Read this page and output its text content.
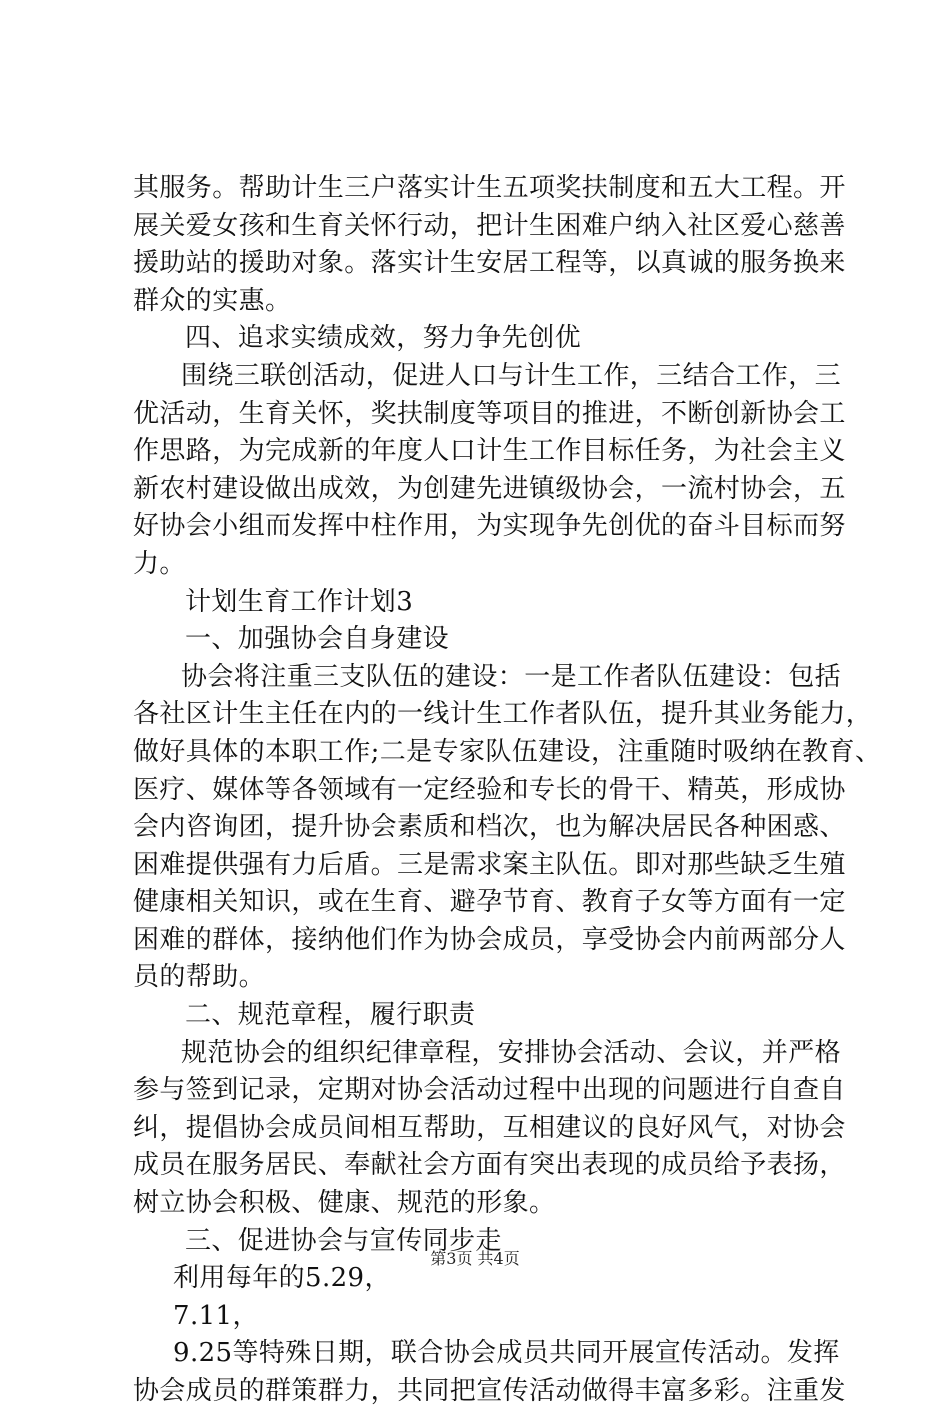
其服务。帮助计生三户落实计生五项奖扶制度和五大工程。开
展关爱女孩和生育关怀行动，把计生困难户纳入社区爱心慈善
援助站的援助对象。落实计生安居工程等，以真诚的服务换来
群众的实惠。
四、追求实绩成效，努力争先创优
围绕三联创活动，促进人口与计生工作，三结合工作，三
优活动，生育关怀，奖扶制度等项目的推进，不断创新协会工
作思路，为完成新的年度人口计生工作目标任务，为社会主义
新农村建设做出成效，为创建先进镇级协会，一流村协会，五
好协会小组而发挥中柱作用，为实现争先创优的奋斗目标而努
力。
计划生育工作计划3
一、加强协会自身建设
协会将注重三支队伍的建设：一是工作者队伍建设：包括
各社区计生主任在内的一线计生工作者队伍，提升其业务能力，
做好具体的本职工作;二是专家队伍建设，注重随时吸纳在教育、
医疗、媒体等各领域有一定经验和专长的骨干、精英，形成协
会内咨询团，提升协会素质和档次，也为解决居民各种困惑、
困难提供强有力后盾。三是需求案主队伍。即对那些缺乏生殖
健康相关知识，或在生育、避孕节育、教育子女等方面有一定
困难的群体，接纳他们作为协会成员，享受协会内前两部分人
员的帮助。
二、规范章程，履行职责
规范协会的组织纪律章程，安排协会活动、会议，并严格
参与签到记录，定期对协会活动过程中出现的问题进行自查自
纠，提倡协会成员间相互帮助，互相建议的良好风气，对协会
成员在服务居民、奉献社会方面有突出表现的成员给予表扬，
树立协会积极、健康、规范的形象。
三、促进协会与宣传同步走
利用每年的5.29，
7.11，
9.25等特殊日期，联合协会成员共同开展宣传活动。发挥
协会成员的群策群力，共同把宣传活动做得丰富多彩。注重发
第3页 共4页
